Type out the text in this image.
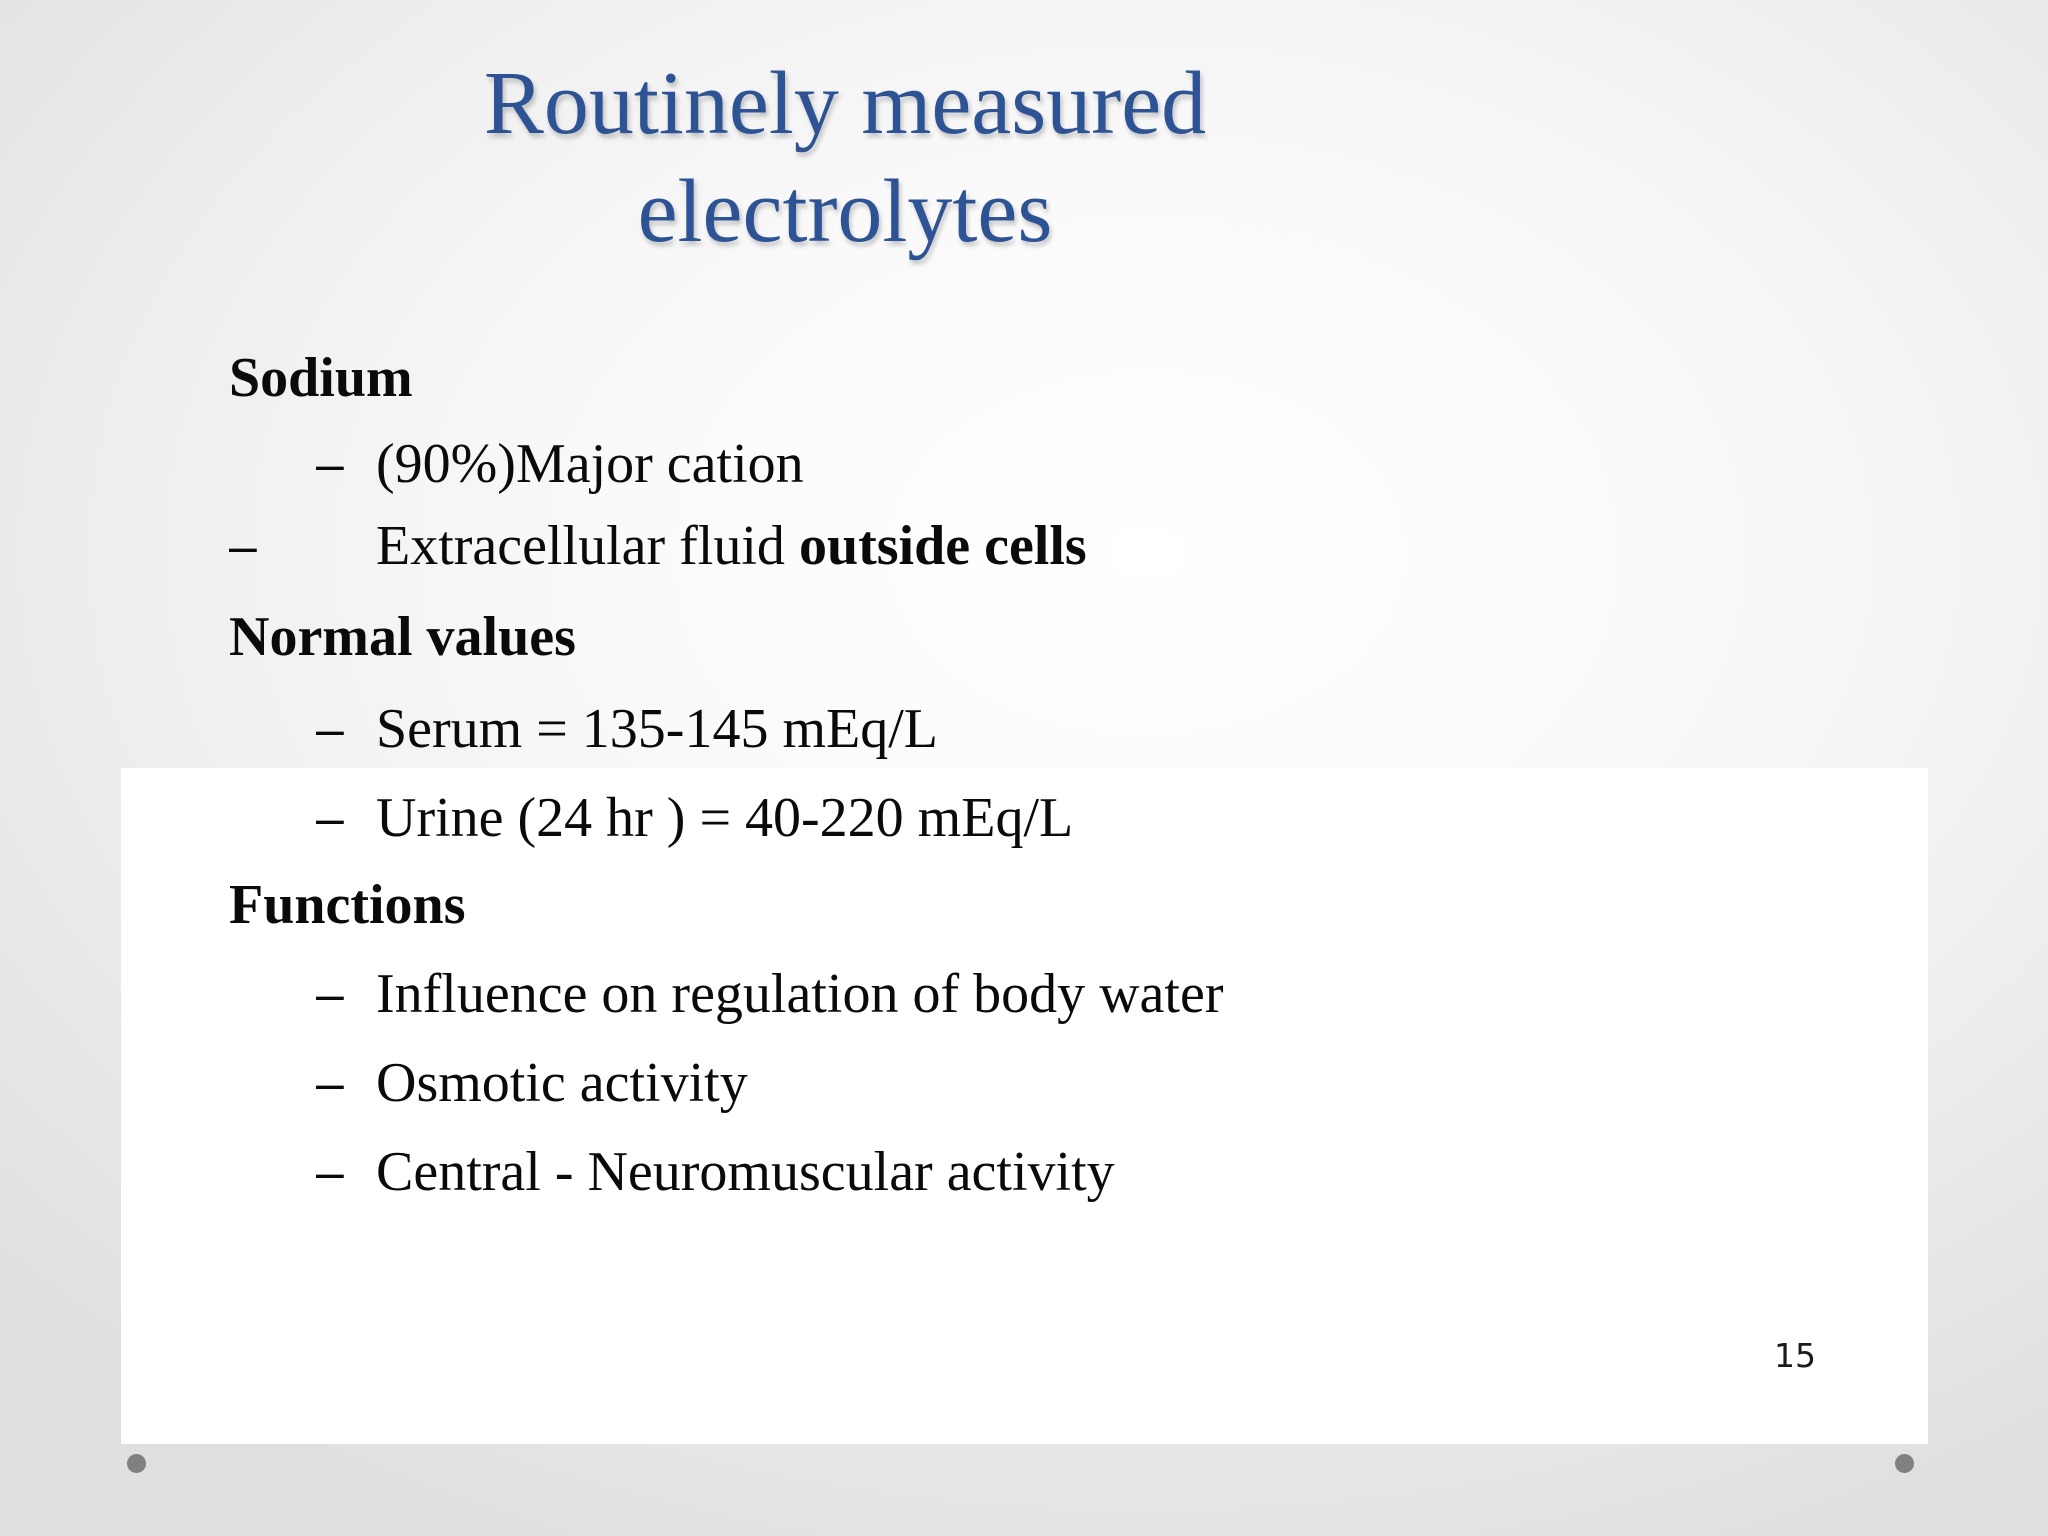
Routinely measured
electrolytes
Sodium
– (90%)Major cation
– Extracellular fluid outside cells
Normal values
– Serum = 135-145 mEq/L
– Urine (24 hr ) = 40-220 mEq/L
Functions
– Influence on regulation of body water
– Osmotic activity
– Central - Neuromuscular activity
15
